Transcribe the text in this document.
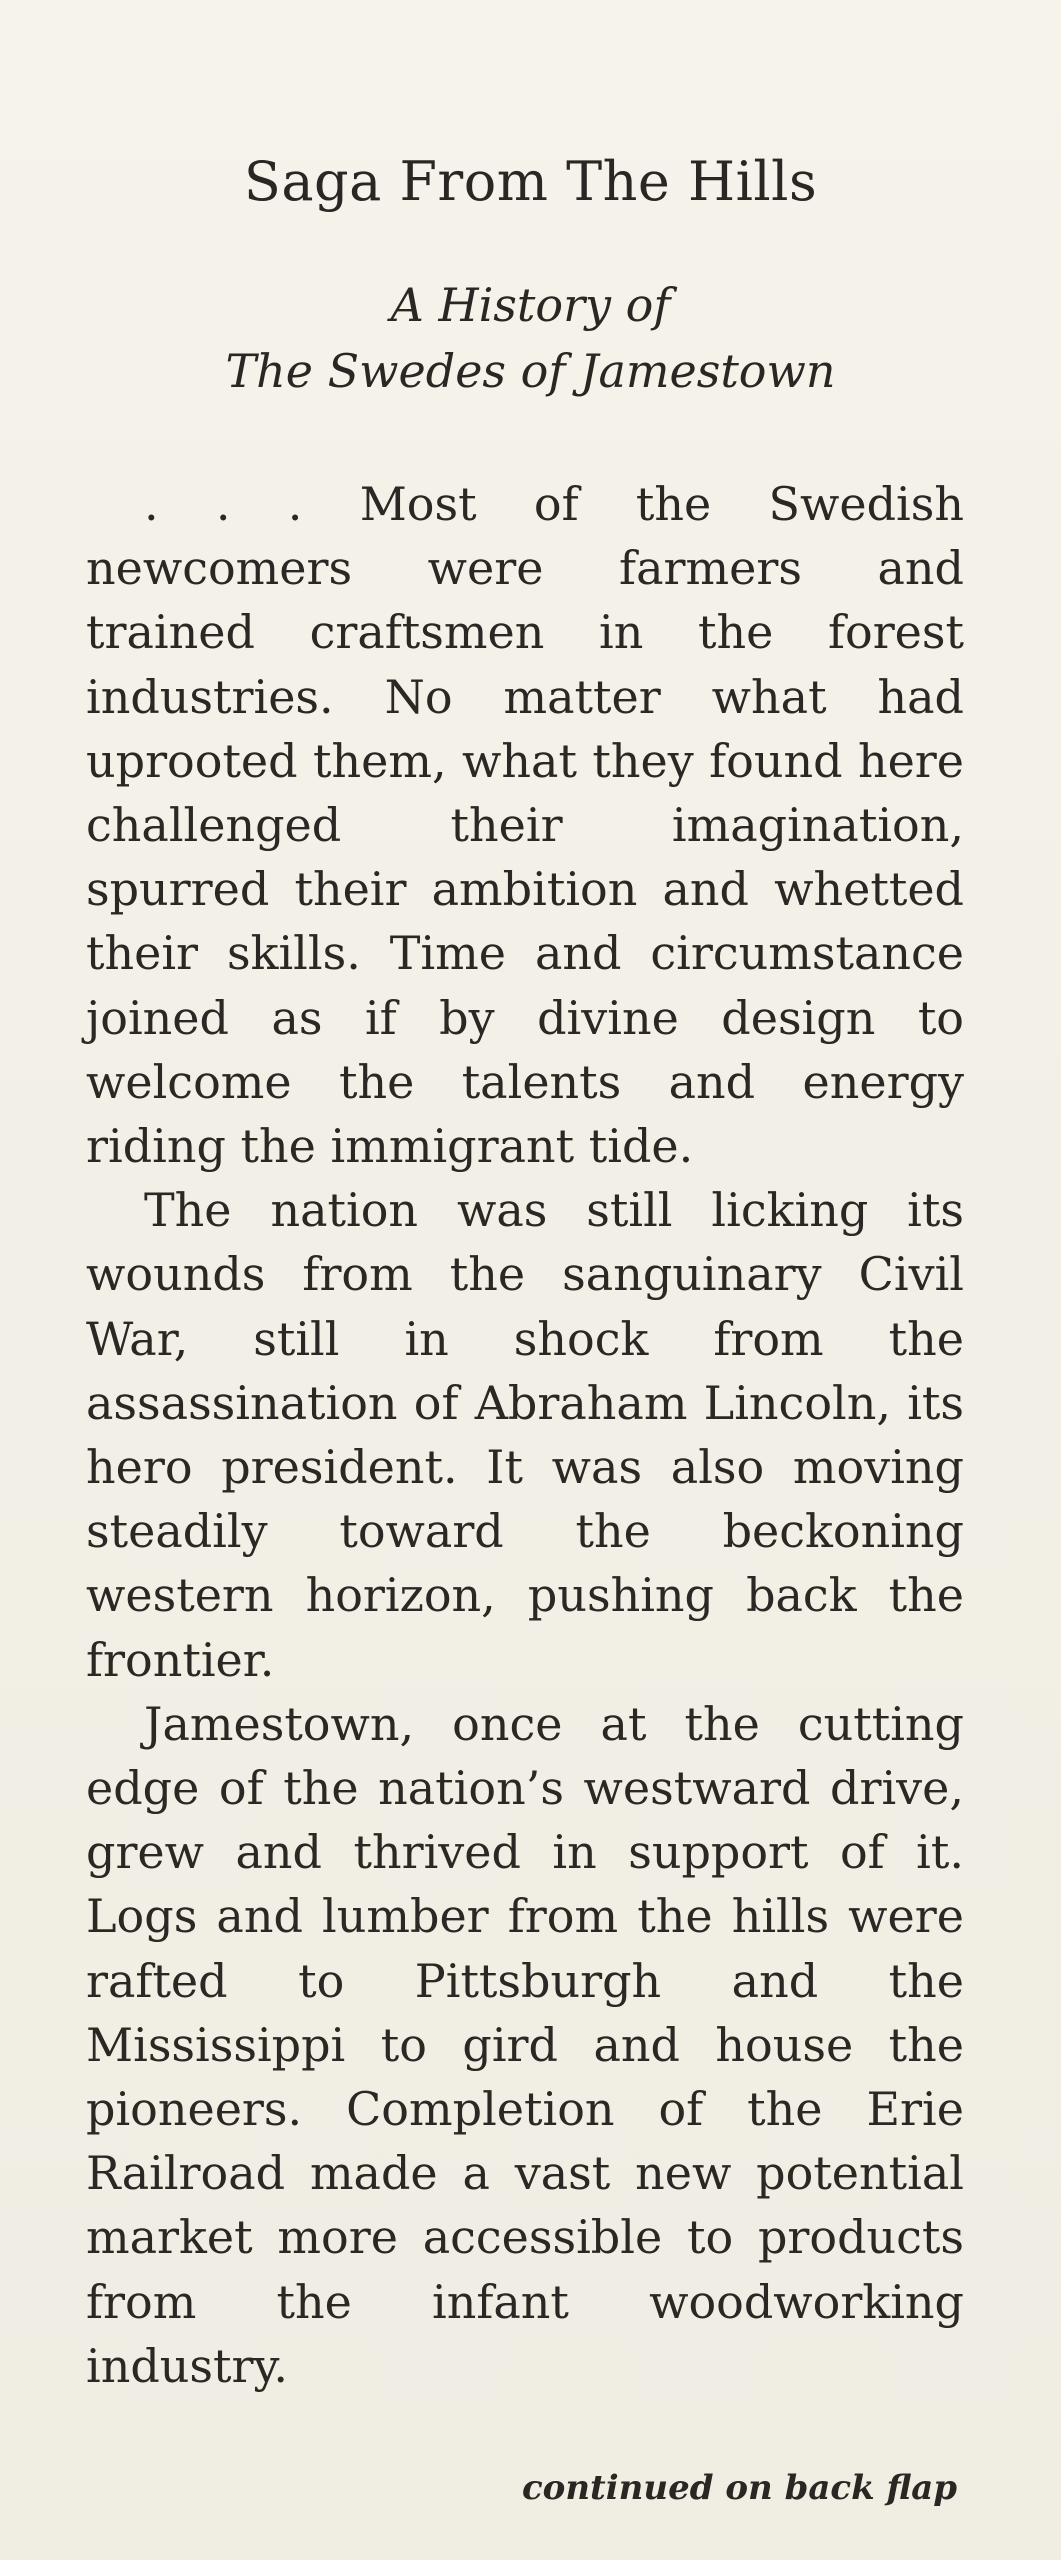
Saga From The Hills
A History of
The Swedes of Jamestown

. . . Most of the Swedish newcomers were farmers and trained craftsmen in the forest industries. No matter what had uprooted them, what they found here challenged their imagination, spurred their ambition and whetted their skills. Time and circumstance joined as if by divine design to welcome the talents and energy riding the immigrant tide.

The nation was still licking its wounds from the sanguinary Civil War, still in shock from the assassination of Abraham Lincoln, its hero president. It was also moving steadily toward the beckoning western horizon, pushing back the frontier.

Jamestown, once at the cutting edge of the nation’s westward drive, grew and thrived in support of it. Logs and lumber from the hills were rafted to Pittsburgh and the Mississippi to gird and house the pioneers. Completion of the Erie Railroad made a vast new potential market more accessible to products from the infant woodworking industry.

continued on back flap
